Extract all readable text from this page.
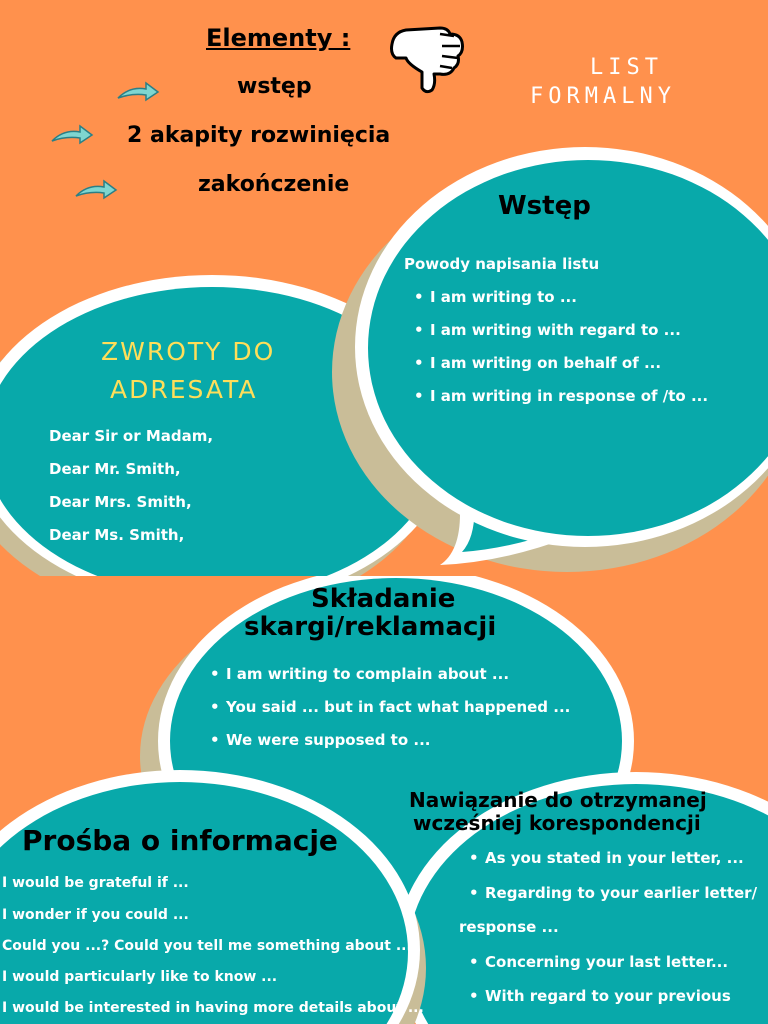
Elementy :
wstęp
2 akapity rozwinięcia
zakończenie
LIST
FORMALNY
Wstęp
Powody napisania listu
• I am writing to ...
• I am writing with regard to ...
• I am writing on behalf of ...
• I am writing in response of /to ...
ZWROTY DO
ADRESATA
Dear Sir or Madam,
Dear Mr. Smith,
Dear Mrs. Smith,
Dear Ms. Smith,
Składanie
skargi/reklamacji
• I am writing to complain about ...
• You said ... but in fact what happened ...
• We were supposed to ...
Nawiązanie do otrzymanej
wcześniej korespondencji
• As you stated in your letter, ...
• Regarding to your earlier letter/
response ...
• Concerning your last letter...
• With regard to your previous
Prośba o informacje
I would be grateful if ...
I wonder if you could ...
Could you ...? Could you tell me something about ...?
I would particularly like to know ...
I would be interested in having more details about ...
